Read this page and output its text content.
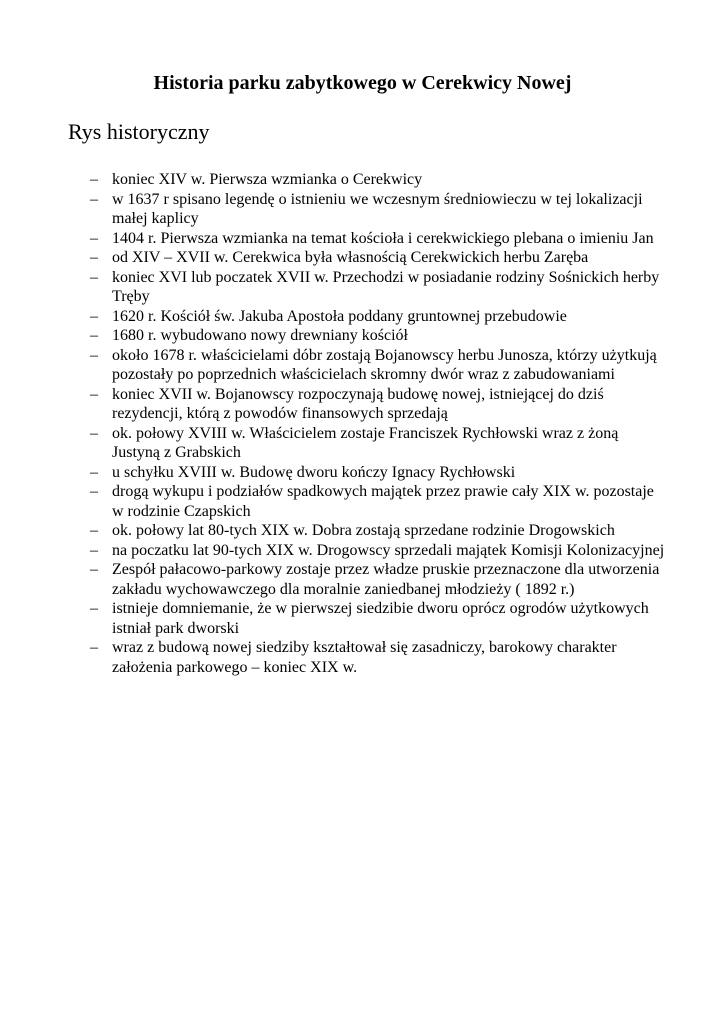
Historia parku zabytkowego w Cerekwicy Nowej
Rys historyczny
– koniec XIV w. Pierwsza wzmianka o Cerekwicy
– w 1637 r spisano legendę o istnieniu we wczesnym średniowieczu w tej lokalizacji małej kaplicy
– 1404 r. Pierwsza wzmianka na temat kościoła i cerekwickiego plebana o imieniu Jan
– od XIV – XVII w. Cerekwica była własnością Cerekwickich herbu Zaręba
– koniec XVI lub poczatek XVII w. Przechodzi w posiadanie rodziny Sośnickich herby Tręby
– 1620 r. Kościół św. Jakuba Apostoła poddany gruntownej przebudowie
– 1680 r. wybudowano nowy drewniany kościół
– około 1678 r. właścicielami dóbr zostają Bojanowscy herbu Junosza, którzy użytkują pozostały po poprzednich właścicielach skromny dwór wraz z zabudowaniami
– koniec XVII w. Bojanowscy rozpoczynają budowę nowej, istniejącej do dziś rezydencji, którą z powodów finansowych sprzedają
– ok. połowy XVIII w. Właścicielem zostaje Franciszek Rychłowski wraz z żoną Justyną z Grabskich
– u schyłku XVIII w. Budowę dworu kończy Ignacy Rychłowski
– drogą wykupu i podziałów spadkowych majątek przez prawie cały XIX w. pozostaje w rodzinie Czapskich
– ok. połowy lat 80-tych XIX w. Dobra zostają sprzedane rodzinie Drogowskich
– na poczatku lat 90-tych XIX w. Drogowscy sprzedali majątek Komisji Kolonizacyjnej
– Zespół pałacowo-parkowy zostaje przez władze pruskie przeznaczone dla utworzenia zakładu wychowawczego dla moralnie zaniedbanej młodzieży ( 1892 r.)
– istnieje domniemanie, że w pierwszej siedzibie dworu oprócz ogrodów użytkowych istniał park dworski
– wraz z budową nowej siedziby kształtował się zasadniczy, barokowy charakter założenia parkowego – koniec XIX w.
